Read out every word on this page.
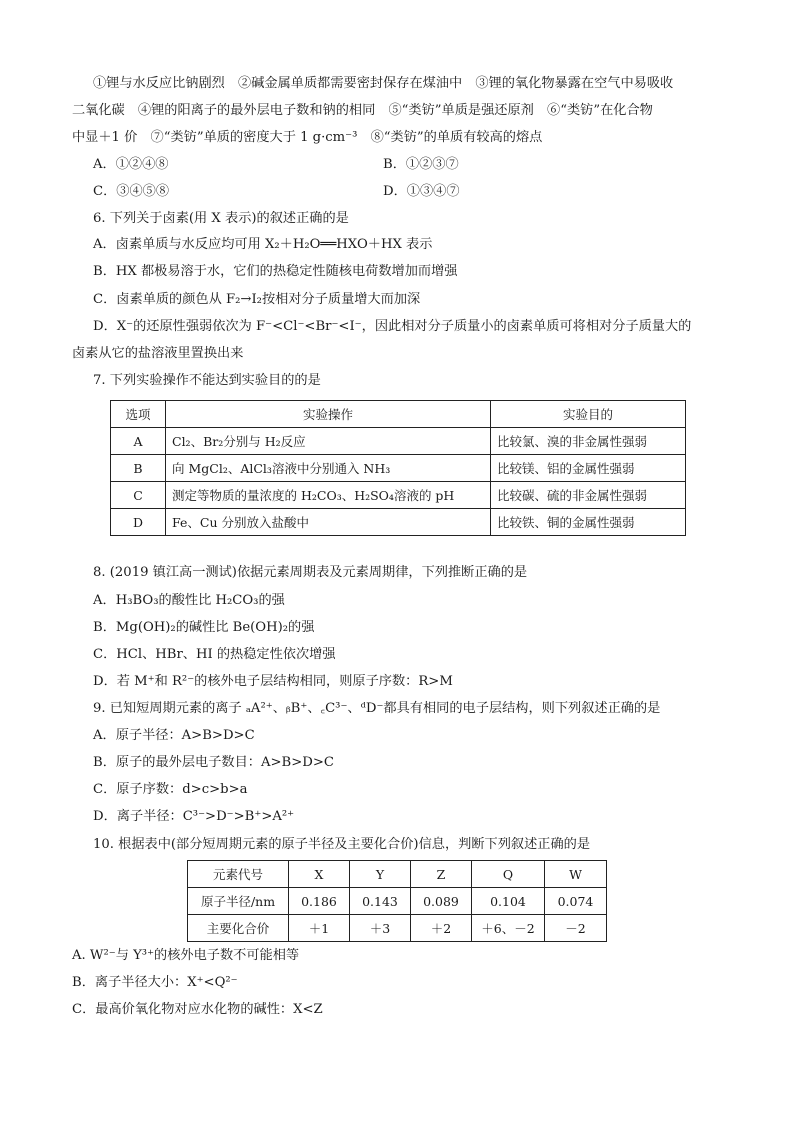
①锂与水反应比钠剧烈　②碱金属单质都需要密封保存在煤油中　③锂的氧化物暴露在空气中易吸收
二氧化碳　④锂的阳离子的最外层电子数和钠的相同　⑤“类钫”单质是强还原剂　⑥“类钫”在化合物
中显＋1 价　⑦“类钫”单质的密度大于 1 g·cm⁻³　⑧“类钫”的单质有较高的熔点
A．①②④⑧	B．①②③⑦
C．③④⑤⑧	D．①③④⑦
6. 下列关于卤素(用 X 表示)的叙述正确的是
A．卤素单质与水反应均可用 X₂＋H₂O══HXO＋HX 表示
B．HX 都极易溶于水，它们的热稳定性随核电荷数增加而增强
C．卤素单质的颜色从 F₂→I₂按相对分子质量增大而加深
D．X⁻的还原性强弱依次为 F⁻<Cl⁻<Br⁻<I⁻，因此相对分子质量小的卤素单质可将相对分子质量大的
卤素从它的盐溶液里置换出来
7. 下列实验操作不能达到实验目的的是
选项	实验操作	实验目的
A	Cl₂、Br₂分别与 H₂反应	比较氯、溴的非金属性强弱
B	向 MgCl₂、AlCl₃溶液中分别通入 NH₃	比较镁、铝的金属性强弱
C	测定等物质的量浓度的 H₂CO₃、H₂SO₄溶液的 pH	比较碳、硫的非金属性强弱
D	Fe、Cu 分别放入盐酸中	比较铁、铜的金属性强弱
8. (2019 镇江高一测试)依据元素周期表及元素周期律，下列推断正确的是
A．H₃BO₃的酸性比 H₂CO₃的强
B．Mg(OH)₂的碱性比 Be(OH)₂的强
C．HCl、HBr、HI 的热稳定性依次增强
D．若 M⁺和 R²⁻的核外电子层结构相同，则原子序数：R>M
9. 已知短周期元素的离子 ₐA²⁺、ᵦB⁺、꜀C³⁻、ᵈD⁻都具有相同的电子层结构，则下列叙述正确的是
A．原子半径：A>B>D>C
B．原子的最外层电子数目：A>B>D>C
C．原子序数：d>c>b>a
D．离子半径：C³⁻>D⁻>B⁺>A²⁺
10. 根据表中(部分短周期元素的原子半径及主要化合价)信息，判断下列叙述正确的是
元素代号	X	Y	Z	Q	W
原子半径/nm	0.186	0.143	0.089	0.104	0.074
主要化合价	＋1	＋3	＋2	＋6、－2	－2
A. W²⁻与 Y³⁺的核外电子数不可能相等
B．离子半径大小：X⁺<Q²⁻
C．最高价氧化物对应水化物的碱性：X<Z
